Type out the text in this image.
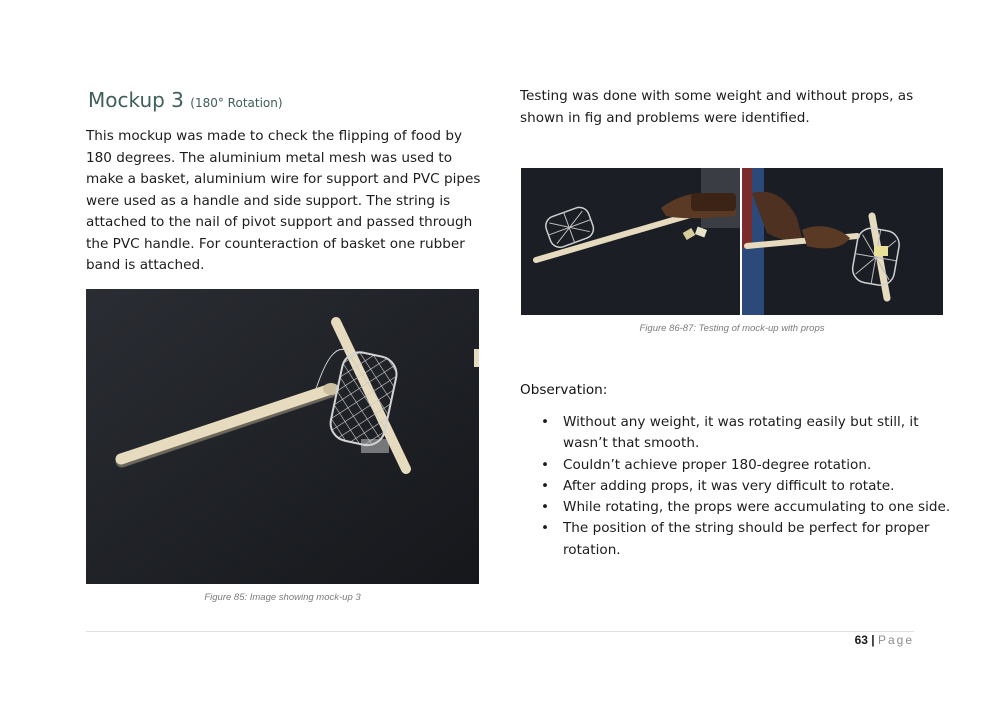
Mockup 3 (180° Rotation)
This mockup was made to check the flipping of food by 180 degrees. The aluminium metal mesh was used to make a basket, aluminium wire for support and PVC pipes were used as a handle and side support. The string is attached to the nail of pivot support and passed through the PVC handle. For counteraction of basket one rubber band is attached.
Testing was done with some weight and without props, as shown in fig and problems were identified.
Figure 85: Image showing mock-up 3
Figure 86-87: Testing of mock-up with props
Observation:
• Without any weight, it was rotating easily but still, it wasn’t that smooth.
• Couldn’t achieve proper 180-degree rotation.
• After adding props, it was very difficult to rotate.
• While rotating, the props were accumulating to one side.
• The position of the string should be perfect for proper rotation.
63 | Page
